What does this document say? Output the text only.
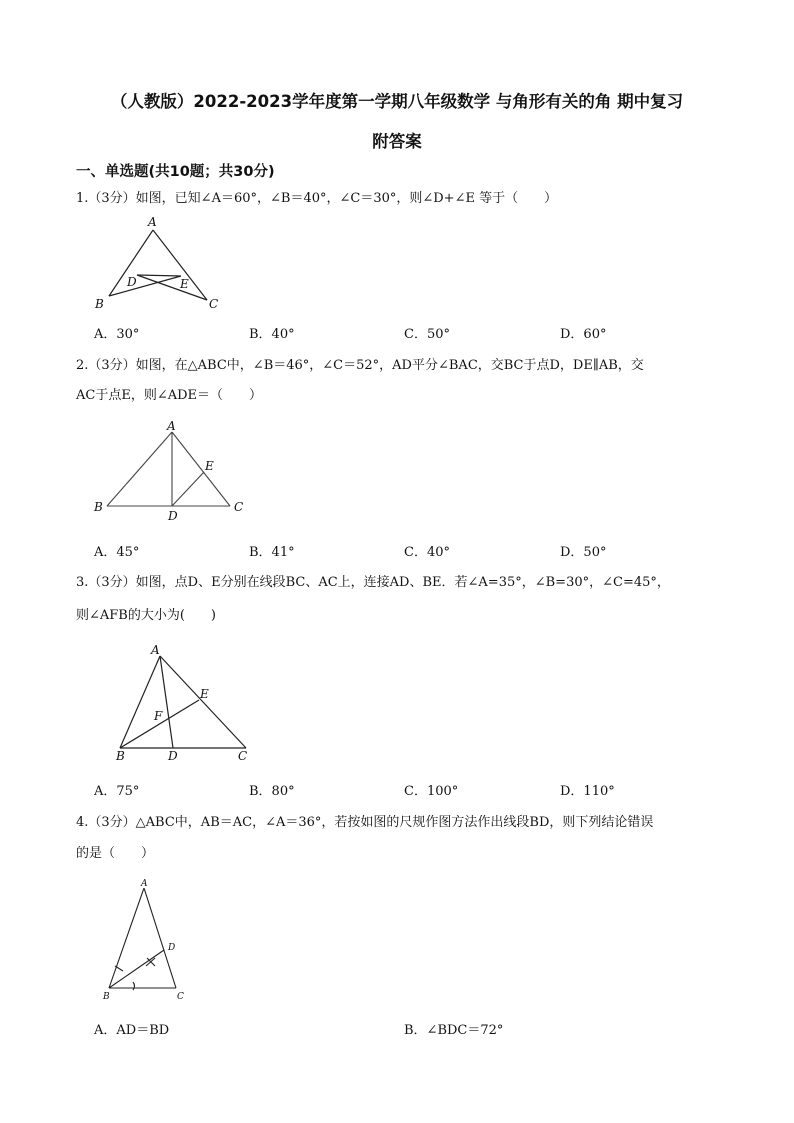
（人教版）2022-2023学年度第一学期八年级数学 与角形有关的角 期中复习
附答案
一、单选题(共10题；共30分)
1.（3分）如图，已知∠A＝60°，∠B＝40°，∠C＝30°，则∠D+∠E 等于（　　）
A
B	C
D	E
A．30°	B．40°	C．50°	D．60°
2.（3分）如图，在△ABC中，∠B＝46°，∠C＝52°，AD平分∠BAC，交BC于点D，DE∥AB，交
AC于点E，则∠ADE＝（　　）
A
B	C
D
E
A．45°	B．41°	C．40°	D．50°
3.（3分）如图，点D、E分别在线段BC、AC上，连接AD、BE．若∠A=35°，∠B=30°，∠C=45°，
则∠AFB的大小为(　　)
A
B	C
D
E
F
A．75°	B．80°	C．100°	D．110°
4.（3分）△ABC中，AB＝AC，∠A＝36°，若按如图的尺规作图方法作出线段BD，则下列结论错误
的是（　　）
A
B	C
D
A．AD＝BD	B．∠BDC＝72°
